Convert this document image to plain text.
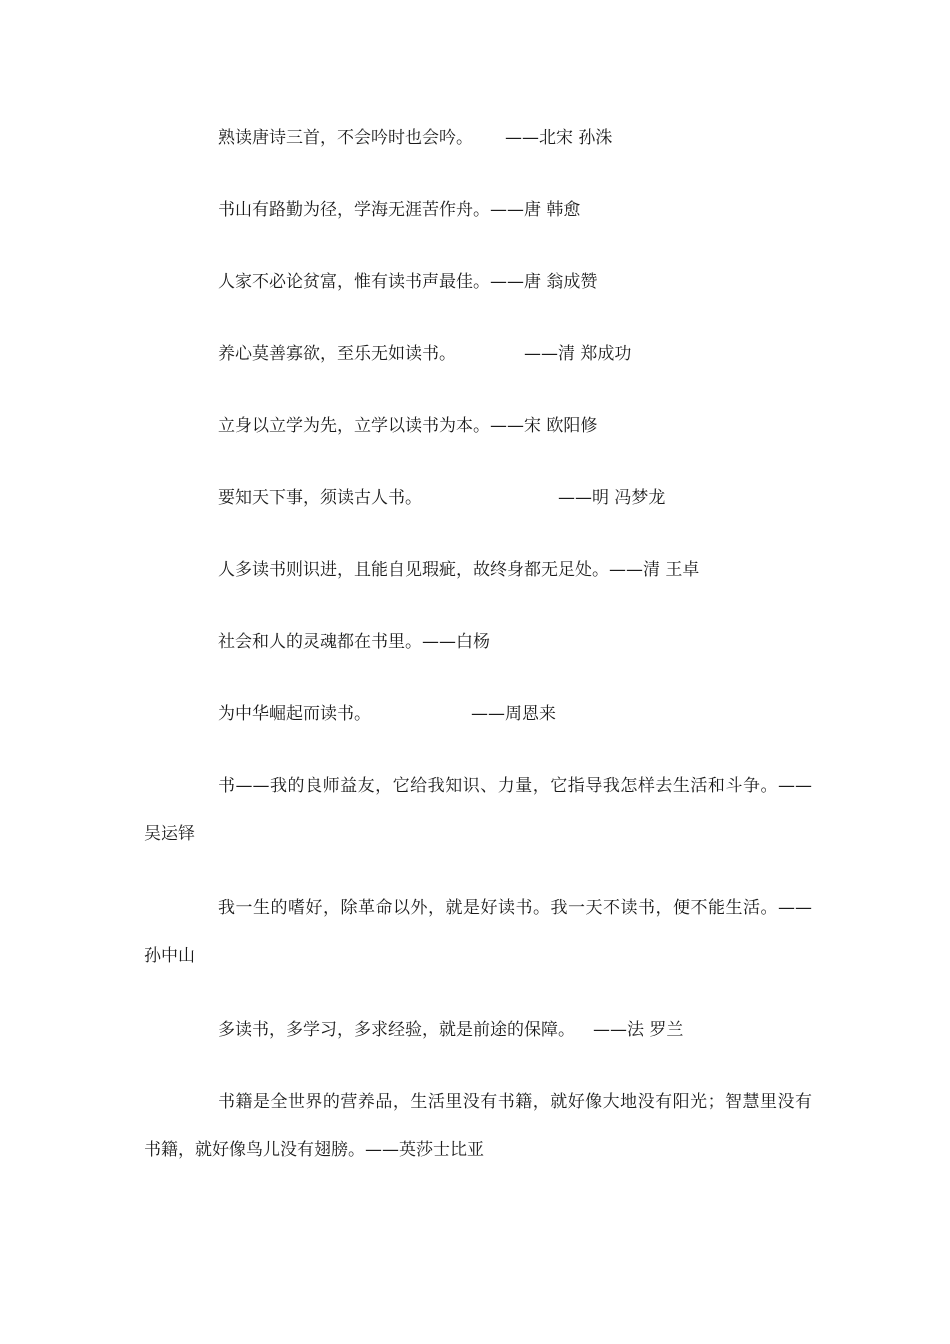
熟读唐诗三首，不会吟时也会吟。 ——北宋 孙洙
书山有路勤为径，学海无涯苦作舟。——唐 韩愈
人家不必论贫富，惟有读书声最佳。——唐 翁成赞
养心莫善寡欲，至乐无如读书。	——清 郑成功
立身以立学为先，立学以读书为本。——宋 欧阳修
要知天下事，须读古人书。	——明 冯梦龙
人多读书则识进，且能自见瑕疵，故终身都无足处。——清 王卓
社会和人的灵魂都在书里。——白杨
为中华崛起而读书。	——周恩来

书——我的良师益友，它给我知识、力量，它指导我怎样去生活和斗争。——吴运铎

我一生的嗜好，除革命以外，就是好读书。我一天不读书，便不能生活。——孙中山

多读书，多学习，多求经验，就是前途的保障。 ——法 罗兰

书籍是全世界的营养品，生活里没有书籍，就好像大地没有阳光；智慧里没有书籍，就好像鸟儿没有翅膀。——英莎士比亚
